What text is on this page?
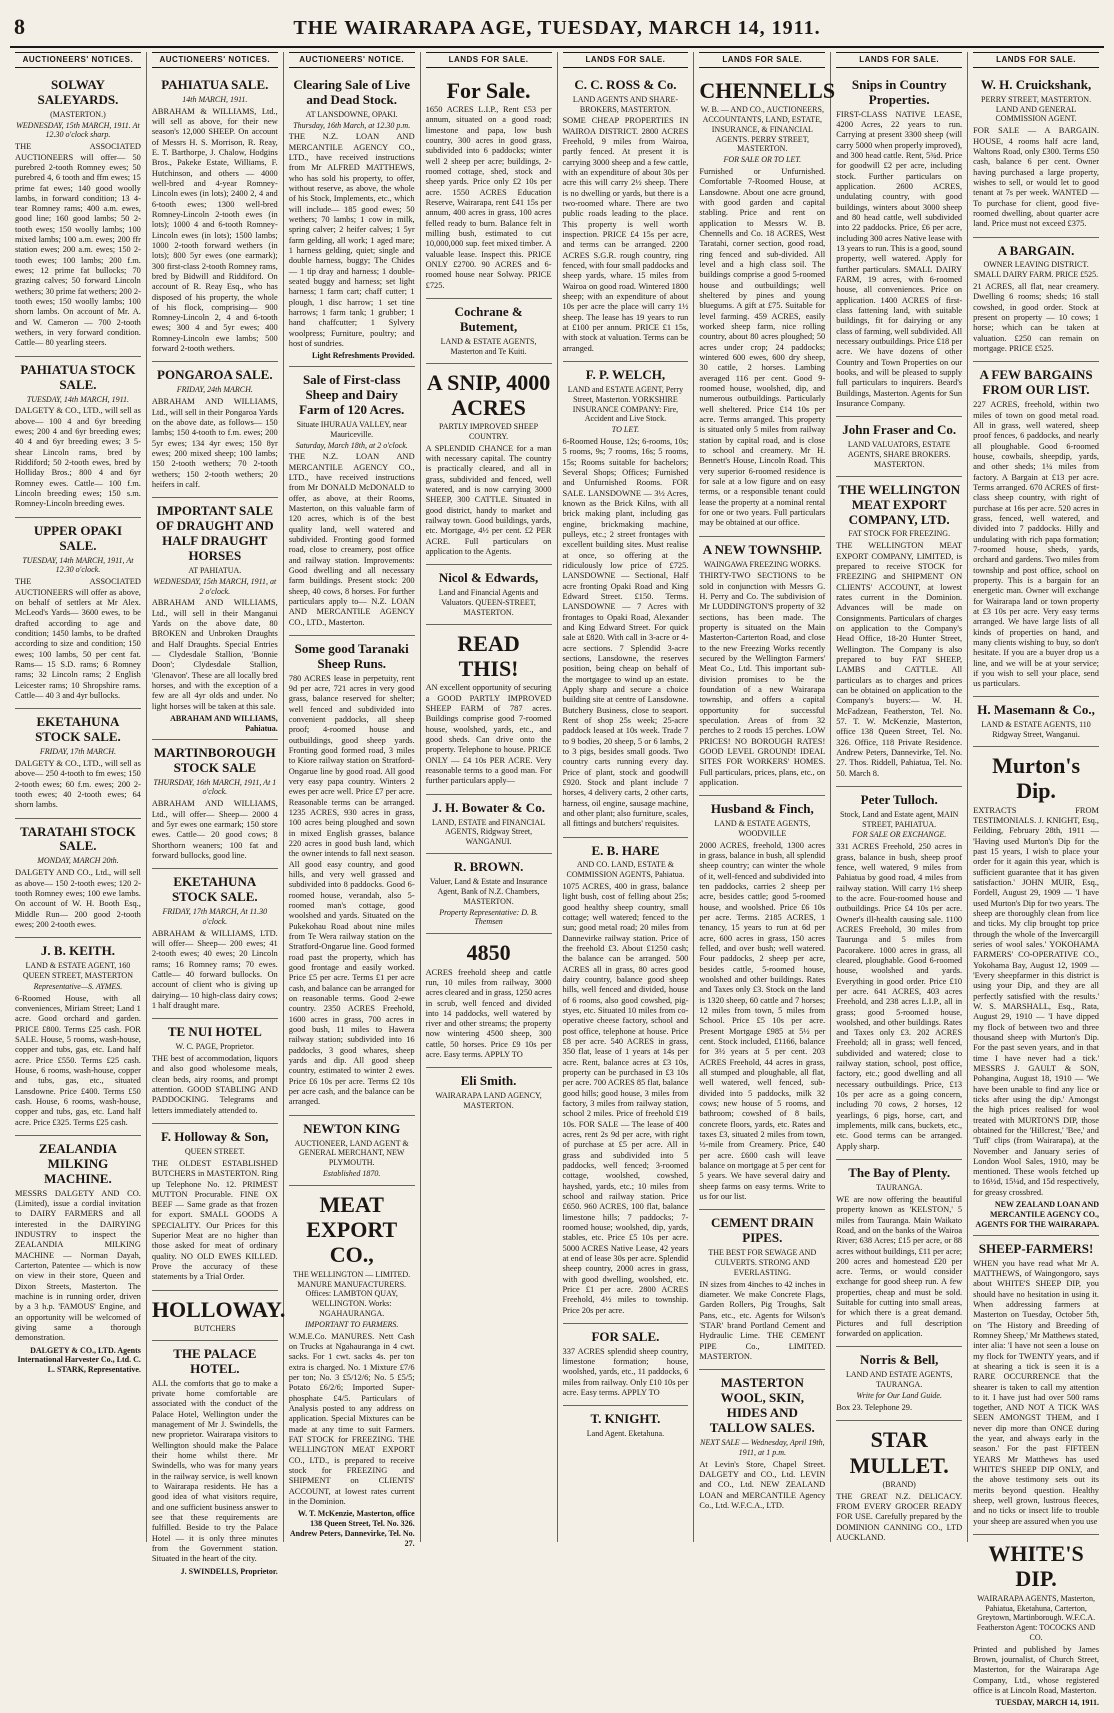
8	THE WAIRARAPA AGE, TUESDAY, MARCH 14, 1911.
AUCTIONEERS' NOTICES.
SOLWAY SALEYARDS.
(MASTERTON.)
WEDNESDAY, 15th MARCH, 1911. At 12.30 o'clock sharp.

THE ASSOCIATED AUCTIONEERS will offer— 50 purebred 2-tooth Romney ewes; 50 purebred 4, 6 tooth and ffm ewes; 15 prime fat ewes; 140 good woolly lambs, in forward condition; 13 4-tear Romney rams; 400 a.m. ewes, good line; 160 good lambs; 50 2-tooth ewes; 150 woolly lambs; 100 mixed lambs; 100 a.m. ewes; 200 ffr station ewes; 200 a.m. ewes; 150 2-tooth ewes; 100 lambs; 200 f.m. ewes; 12 prime fat bullocks; 70 grazing calves; 50 forward Lincoln wethers; 30 prime fat wethers; 200 2-tooth ewes; 150 woolly lambs; 100 shorn lambs. On account of Mr. A. and W. Cameron — 700 2-tooth wethers, in very forward condition. Cattle— 80 yearling steers.

PAHIATUA STOCK SALE.
TUESDAY, 14th MARCH, 1911.

DALGETY & CO., LTD., will sell as above— 100 4 and 6yr breeding ewes; 200 4 and 6yr breeding ewes; 40 4 and 6yr breeding ewes; 3 5-shear Lincoln rams, bred by Riddiford; 50 2-tooth ewes, bred by Holliday Bros.; 800 4 and 6yr Romney ewes. Cattle— 100 f.m. Lincoln breeding ewes; 150 s.m. Romney-Lincoln breeding ewes.

UPPER OPAKI SALE.
TUESDAY, 14th MARCH, 1911, At 12.30 o'clock.

THE ASSOCIATED AUCTIONEERS will offer as above, on behalf of settlers at Mr Alex. McLeod's Yards— 3600 ewes, to be drafted according to age and condition; 1450 lambs, to be drafted according to size and condition; 150 ewes; 100 lambs, 50 per cent fat. Rams— 15 S.D. rams; 6 Romney rams; 32 Lincoln rams; 2 English Leicester rams; 10 Shropshire rams. Cattle— 40 3 and 4yr bullocks.

EKETAHUNA STOCK SALE.
FRIDAY, 17th MARCH.

DALGETY & CO., LTD., will sell as above— 250 4-tooth to fm ewes; 150 2-tooth ewes; 60 f.m. ewes; 200 2-tooth ewes; 40 2-tooth ewes; 64 shorn lambs.

TARATAHI STOCK SALE.
MONDAY, MARCH 20th.

DALGETY AND CO., Ltd., will sell as above— 150 2-tooth ewes; 120 2-tooth Romney ewes; 100 ewe lambs. On account of W. H. Booth Esq., Middle Run— 200 good 2-tooth ewes; 200 2-tooth ewes.

J. B. KEITH.
LAND & ESTATE AGENT, 160 QUEEN STREET, MASTERTON
Representative—S. AYMES.

6-Roomed House, with all conveniences, Miriam Street; Land 1 acre. Good orchard and garden. PRICE £800. Terms £25 cash. FOR SALE. House, 5 rooms, wash-house, copper and tubs, gas, etc. Land half acre. Price £550. Terms £25 cash. House, 6 rooms, wash-house, copper and tubs, gas, etc., situated Lansdowne. Price £400. Terms £50 cash. House, 6 rooms, wash-house, copper and tubs, gas, etc. Land half acre. Price £325. Terms £25 cash.

ZEALANDIA MILKING MACHINE.

MESSRS DALGETY AND CO. (Limited), issue a cordial invitation to DAIRY FARMERS and all interested in the DAIRYING INDUSTRY to inspect the ZEALANDIA MILKING MACHINE — Norman Dayah, Carterton, Patentee — which is now on view in their store, Queen and Dixon Streets, Masterton. The machine is in running order, driven by a 3 h.p. 'FAMOUS' Engine, and an opportunity will be welcomed of giving same a thorough demonstration.

DALGETY & CO., LTD. Agents International Harvester Co., Ltd. C. L. STARK, Representative.
AUCTIONEERS' NOTICES.
PAHIATUA SALE.
14th MARCH, 1911.

ABRAHAM & WILLIAMS, Ltd., will sell as above, for their new season's 12,000 SHEEP. On account of Messrs H. S. Morrison, R. Reay, E. T. Barthorpe, J. Chalow, Hodgins Bros., Pakeke Estate, Williams, F. Hutchinson, and others — 4000 well-bred and 4-year Romney-Lincoln ewes (in lots); 2400 2, 4 and 6-tooth ewes; 1300 well-bred Romney-Lincoln 2-tooth ewes (in lots); 1000 4 and 6-tooth Romney-Lincoln ewes (in lots); 1500 lambs; 1000 2-tooth forward wethers (in lots); 800 5yr ewes (one earmark); 300 first-class 2-tooth Romney rams, bred by Bidwill and Riddiford. On account of R. Reay Esq., who has disposed of his property, the whole of his flock, comprising— 900 Romney-Lincoln 2, 4 and 6-tooth ewes; 300 4 and 5yr ewes; 400 Romney-Lincoln ewe lambs; 500 forward 2-tooth wethers.

PONGAROA SALE.
FRIDAY, 24th MARCH.

ABRAHAM AND WILLIAMS, Ltd., will sell in their Pongaroa Yards on the above date, as follows— 150 lambs; 150 4-tooth to f.m. ewes; 200 5yr ewes; 134 4yr ewes; 150 8yr ewes; 200 mixed sheep; 100 lambs; 150 2-tooth wethers; 70 2-tooth wethers; 150 2-tooth wethers; 20 heifers in calf.

IMPORTANT SALE OF DRAUGHT AND HALF DRAUGHT HORSES
AT PAHIATUA.
WEDNESDAY, 15th MARCH, 1911, at 2 o'clock.

ABRAHAM AND WILLIAMS, Ltd., will sell in their Manganui Yards on the above date, 80 BROKEN and Unbroken Draughts and Half Draughts. Special Entries — Clydesdale Stallion, 'Bonnie Doon'; Clydesdale Stallion, 'Glenavon'. These are all locally bred horses, and with the exception of a few are all 4yr olds and under. No light horses will be taken at this sale.

ABRAHAM AND WILLIAMS, Pahiatua.
MARTINBOROUGH STOCK SALE
THURSDAY, 16th MARCH, 1911, At 1 o'clock.

ABRAHAM AND WILLIAMS, Ltd., will offer— Sheep— 2000 4 and 5yr ewes one earmark; 150 store ewes. Cattle— 20 good cows; 8 Shorthorn weaners; 100 fat and forward bullocks, good line.

EKETAHUNA STOCK SALE.
FRIDAY, 17th MARCH, At 11.30 o'clock.

ABRAHAM & WILLIAMS, LTD. will offer— Sheep— 200 ewes; 41 2-tooth ewes; 40 ewes; 20 Lincoln rams; 16 Romney rams; 70 ewes. Cattle— 40 forward bullocks. On account of client who is giving up dairying— 10 high-class dairy cows; 1 half draught mare.

TE NUI HOTEL
W. C. PAGE, Proprietor.

THE best of accommodation, liquors and also good wholesome meals, clean beds, airy rooms, and prompt attention. GOOD STABLING AND PADDOCKING. Telegrams and letters immediately attended to.

F. Holloway & Son,
QUEEN STREET.

THE OLDEST ESTABLISHED BUTCHERS in MASTERTON. Ring up Telephone No. 12. PRIMEST MUTTON Procurable. FINE OX BEEF — Same grade as that frozen for export. SMALL GOODS A SPECIALITY. Our Prices for this Superior Meat are no higher than those asked for meat of ordinary quality. NO OLD EWES KILLED. Prove the accuracy of these statements by a Trial Order.

HOLLOWAY.
BUTCHERS
THE PALACE HOTEL.

ALL the comforts that go to make a private home comfortable are associated with the conduct of the Palace Hotel, Wellington under the management of Mr J. Swindells, the new proprietor. Wairarapa visitors to Wellington should make the Palace their home whilst there. Mr Swindells, who was for many years in the railway service, is well known to Wairarapa residents. He has a good idea of what visitors require, and one sufficient business answer to see that these requirements are fulfilled. Beside to try the Palace Hotel — it is only three minutes from the Government station. Situated in the heart of the city.

J. SWINDELLS, Proprietor.
AUCTIONEERS' NOTICE.
Clearing Sale of Live and Dead Stock.
AT LANSDOWNE, OPAKI.
Thursday, 16th March, at 12.30 p.m.

THE N.Z. LOAN AND MERCANTILE AGENCY CO., LTD., have received instructions from Mr ALFRED MATTHEWS, who has sold his property, to offer, without reserve, as above, the whole of his Stock, Implements, etc., which will include— 185 good ewes; 50 wethers; 70 lambs; 1 cow in milk, spring calver; 2 heifer calves; 1 5yr farm gelding, all work; 1 aged mare; 1 harness gelding, quiet; single and double harness, buggy; The Chides — 1 tip dray and harness; 1 double-seated buggy and harness; set light harness; 1 farm cart; chaff cutter; 1 plough, 1 disc harrow; 1 set tine harrows; 1 farm tank; 1 grubber; 1 hand chaffcutter; 1 Sylvery woolpress; Furniture, poultry; and host of sundries.

Light Refreshments Provided.
Sale of First-class Sheep and Dairy Farm of 120 Acres.
Situate IHURAUA VALLEY, near Mauriceville.
Saturday, March 18th, at 2 o'clock.

THE N.Z. LOAN AND MERCANTILE AGENCY CO., LTD., have received instructions from Mr DONALD McDONALD to offer, as above, at their Rooms, Masterton, on this valuable farm of 120 acres, which is of the best quality land, well watered and subdivided. Fronting good formed road, close to creamery, post office and railway station. Improvements: Good dwelling and all necessary farm buildings. Present stock: 200 sheep, 40 cows, 8 horses. For further particulars apply to— N.Z. LOAN AND MERCANTILE AGENCY CO., LTD., Masterton.

Some good Taranaki Sheep Runs.

780 ACRES lease in perpetuity, rent 9d per acre, 721 acres in very good grass, balance reserved for shelter; well fenced and subdivided into convenient paddocks, all sheep proof; 4-roomed house and outbuildings, good sheep yards. Fronting good formed road, 3 miles to Kiore railway station on Stratford-Ongarue line by good road. All good very easy papa country. Winters 2 ewes per acre well. Price £7 per acre. Reasonable terms can be arranged. 1235 ACRES, 930 acres in grass, 100 acres being ploughed and sown in mixed English grasses, balance 220 acres in good bush land, which the owner intends to fall next season. All good easy country, and good hills, and very well grassed and subdivided into 8 paddocks. Good 6-roomed house, verandah, also 5-roomed man's cottage, good woolshed and yards. Situated on the Pukekohau Road about nine miles from Te Wera railway station on the Stratford-Ongarue line. Good formed road past the property, which has good frontage and easily worked. Price £5 per acre. Terms £1 per acre cash, and balance can be arranged for on reasonable terms. Good 2-ewe country. 2350 ACRES Freehold, 1600 acres in grass, 700 acres in good bush, 11 miles to Hawera railway station; subdivided into 16 paddocks, 3 good whares, sheep yards and dip. All good sheep country, estimated to winter 2 ewes. Price £6 10s per acre. Terms £2 10s per acre cash, and the balance can be arranged.

NEWTON KING
AUCTIONEER, LAND AGENT & GENERAL MERCHANT, NEW PLYMOUTH.
Established 1870.
MEAT EXPORT CO.,
THE WELLINGTON — LIMITED. MANURE MANUFACTURERS. Offices: LAMBTON QUAY, WELLINGTON. Works: NGAHAURANGA.
IMPORTANT TO FARMERS.

W.M.E.Co. MANURES. Nett Cash on Trucks at Ngahauranga in 4 cwt. sacks. For 1 cwt. sacks 4s. per ton extra is charged. No. 1 Mixture £7/6 per ton; No. 3 £5/12/6; No. 5 £5/5; Potato £6/2/6; Imported Super-phosphate £4/5. Particulars of Analysis posted to any address on application. Special Mixtures can be made at any time to suit Farmers. FAT STOCK for FREEZING. THE WELLINGTON MEAT EXPORT CO., LTD., is prepared to receive stock for FREEZING and SHIPMENT on CLIENTS' ACCOUNT, at lowest rates current in the Dominion.

W. T. McKenzie, Masterton, office 138 Queen Street, Tel. No. 326. Andrew Peters, Dannevirke, Tel. No. 27.
LANDS FOR SALE.
For Sale.

1650 ACRES L.I.P., Rent £53 per annum, situated on a good road; limestone and papa, low bush country, 300 acres in good grass, subdivided into 6 paddocks; winter well 2 sheep per acre; buildings, 2-roomed cottage, shed, stock and sheep yards. Price only £2 10s per acre. 1550 ACRES Education Reserve, Wairarapa, rent £41 15s per annum, 400 acres in grass, 100 acres felled ready to burn. Balance felt in milling bush, estimated to cut 10,000,000 sup. feet mixed timber. A valuable lease. Inspect this. PRICE ONLY £2700. 90 ACRES and 6-roomed house near Solway. PRICE £725.

Cochrane & Butement,
LAND & ESTATE AGENTS, Masterton and Te Kuiti.
A SNIP, 4000 ACRES
PARTLY IMPROVED SHEEP COUNTRY.

A SPLENDID CHANCE for a man with necessary capital. The country is practically cleared, and all in grass, subdivided and fenced, well watered, and is now carrying 3000 SHEEP, 300 CATTLE. Situated in good district, handy to market and railway town. Good buildings, yards, etc. Mortgage, 4½ per cent. £2 PER ACRE. Full particulars on application to the Agents.

Nicol & Edwards,
Land and Financial Agents and Valuators. QUEEN-STREET, MASTERTON.
READ THIS!

AN excellent opportunity of securing a GOOD PARTLY IMPROVED SHEEP FARM of 787 acres. Buildings comprise good 7-roomed house, woolshed, yards, etc., and good sheds. Can drive onto the property. Telephone to house. PRICE ONLY — £4 10s PER ACRE. Very reasonable terms to a good man. For further particulars apply—

J. H. Bowater & Co.
LAND, ESTATE and FINANCIAL AGENTS, Ridgway Street, WANGANUI.
R. BROWN.
Valuer, Land & Estate and Insurance Agent, Bank of N.Z. Chambers, MASTERTON.
Property Representative: D. B. Themsen
4850

ACRES freehold sheep and cattle run, 10 miles from railway, 3000 acres cleared and in grass, 1250 acres in scrub, well fenced and divided into 14 paddocks, well watered by river and other streams; the property now wintering 4500 sheep, 300 cattle, 50 horses. Price £9 10s per acre. Easy terms. APPLY TO

Eli Smith.
WAIRARAPA LAND AGENCY, MASTERTON.
LANDS FOR SALE.
C. C. ROSS & Co.
LAND AGENTS AND SHARE-BROKERS, MASTERTON.

SOME CHEAP PROPERTIES IN WAIROA DISTRICT. 2800 ACRES Freehold, 9 miles from Wairoa, partly fenced. At present it is carrying 3000 sheep and a few cattle, with an expenditure of about 30s per acre this will carry 2½ sheep. There is no dwelling or yards, but there is a two-roomed whare. There are two public roads leading to the place. This property is well worth inspection. PRICE £4 15s per acre, and terms can be arranged. 2200 ACRES S.G.R. rough country, ring fenced, with four small paddocks and sheep yards, whare. 15 miles from Wairoa on good road. Wintered 1800 sheep; with an expenditure of about 10s per acre the place will carry 1½ sheep. The lease has 19 years to run at £100 per annum. PRICE £1 15s, with stock at valuation. Terms can be arranged.

F. P. WELCH,
LAND and ESTATE AGENT, Perry Street, Masterton. YORKSHIRE INSURANCE COMPANY: Fire, Accident and Live Stock.
TO LET.

6-Roomed House, 12s; 6-rooms, 10s; 5 rooms, 9s; 7 rooms, 16s; 5 rooms, 15s; Rooms suitable for bachelors; Several Shops; Offices; Furnished and Unfurnished Rooms. FOR SALE. LANSDOWNE — 3½ Acres, known as the Brick Kilns, with all brick making plant, including gas engine, brickmaking machine, pulleys, etc.; 2 street frontages with excellent building sites. Must realise at once, so offering at the ridiculously low price of £725. LANSDOWNE — Sectional, Half acre fronting Opaki Road and King Edward Street. £150. Terms. LANSDOWNE — 7 Acres with frontages to Opaki Road, Alexander and King Edward Street. For quick sale at £820. With call in 3-acre or 4-acre sections. 7 Splendid 3-acre sections, Lansdowne, the reserves position, being cheap on behalf of the mortgagee to wind up an estate. Apply sharp and secure a choice building site at centre of Lansdowne. Butchery Business, close to seaport. Rent of shop 25s week; 25-acre paddock leased at 10s week. Trade 7 to 9 bodies, 20 sheep, 5 or 6 lambs, 2 to 3 pigs, besides small goods. Two country carts running every day. Price of plant, stock and goodwill £920. Stock and plant include 7 horses, 4 delivery carts, 2 other carts, harness, oil engine, sausage machine, and other plant; also furniture, scales, all fittings and butchers' requisites.

E. B. HARE
AND CO. LAND, ESTATE & COMMISSION AGENTS, Pahiatua.

1075 ACRES, 400 in grass, balance light bush, cost of felling about 25s; good healthy sheep country, small cottage; well watered; fenced to the sun; good metal road; 20 miles from Dannevirke railway station. Price of the freehold £3. About £1250 cash; the balance can be arranged. 500 ACRES all in grass, 80 acres good dairy country, balance good sheep hills, well fenced and divided, house of 6 rooms, also good cowshed, pig-styes, etc. Situated 10 miles from co-operative cheese factory, school and post office, telephone at house. Price £8 per acre. 540 ACRES in grass, 350 flat, lease of 1 years at 14s per acre. Rent, balance acres at £3 10s, property can be purchased in £3 10s per acre. 700 ACRES 85 flat, balance good hills; good house, 3 miles from factory, 3 miles from railway station, school 2 miles. Price of freehold £19 10s. FOR SALE — The lease of 400 acres, rent 2s 9d per acre, with right of purchase at £5 per acre. All in grass and subdivided into 5 paddocks, well fenced; 3-roomed cottage, woolshed, cowshed, hayshed, yards, etc.; 10 miles from school and railway station. Price £650. 960 ACRES, 100 flat, balance limestone hills; 7 paddocks; 7-roomed house; woolshed, dip, yards, stables, etc. Price £5 10s per acre. 5000 ACRES Native Lease, 42 years at end of lease 30s per acre. Splendid sheep country, 2000 acres in grass, with good dwelling, woolshed, etc. Price £1 per acre. 2800 ACRES Freehold, 4½ miles to township. Price 20s per acre.

FOR SALE.

337 ACRES splendid sheep country, limestone formation; house, woolshed, yards, etc., 11 paddocks, 6 miles from railway. Only £10 10s per acre. Easy terms. APPLY TO

T. KNIGHT.
Land Agent. Eketahuna.
LANDS FOR SALE.
CHENNELLS
W. B. — AND CO., AUCTIONEERS, ACCOUNTANTS, LAND, ESTATE, INSURANCE, & FINANCIAL AGENTS. PERRY STREET, MASTERTON.
FOR SALE OR TO LET.

Furnished or Unfurnished. Comfortable 7-Roomed House, at Lansdowne. About one acre ground, with good garden and capital stabling. Price and rent on application to Messrs W. B. Chennells and Co. 18 ACRES, West Taratahi, corner section, good road, ring fenced and sub-divided. All level and a high class soil. The buildings comprise a good 5-roomed house and outbuildings; well sheltered by pines and young bluegums. A gift at £75. Suitable for level farming. 459 ACRES, easily worked sheep farm, nice rolling country, about 80 acres ploughed; 50 acres under crop; 24 paddocks; wintered 600 ewes, 600 dry sheep, 30 cattle, 2 horses. Lambing averaged 116 per cent. Good 9-roomed house, woolshed, dip, and numerous outbuildings. Particularly well sheltered. Price £14 10s per acre. Terms arranged. This property is situated only 5 miles from railway station by capital road, and is close to school and creamery. Mr H. Bennett's House, Lincoln Road. This very superior 6-roomed residence is for sale at a low figure and on easy terms, or a responsible tenant could lease the property at a nominal rental for one or two years. Full particulars may be obtained at our office.

A NEW TOWNSHIP.
WAINGAWA FREEZING WORKS.

THIRTY-TWO SECTIONS to be sold in conjunction with Messrs G. H. Perry and Co. The subdivision of Mr LUDDINGTON'S property of 32 sections, has been made. The property is situated on the Main Masterton-Carterton Road, and close to the new Freezing Works recently secured by the Wellington Farmers' Meat Co., Ltd. This important sub-division promises to be the foundation of a new Wairarapa township, and offers a capital opportunity for successful speculation. Areas of from 32 perches to 2 roods 15 perches. LOW PRICES! NO BOROUGH RATES! GOOD LEVEL GROUND! IDEAL SITES FOR WORKERS' HOMES. Full particulars, prices, plans, etc., on application.

Husband & Finch,
LAND & ESTATE AGENTS, WOODVILLE

2000 ACRES, freehold, 1300 acres in grass, balance in bush, all splendid sheep country; can winter the whole of it, well-fenced and subdivided into ten paddocks, carries 2 sheep per acre, besides cattle; good 5-roomed house, and woolshed. Price £6 10s per acre. Terms. 2185 ACRES, 1 tenancy, 15 years to run at 6d per acre, 600 acres in grass, 150 acres felled, and over bush; well watered. Four paddocks, 2 sheep per acre, besides cattle, 5-roomed house, woolshed and other buildings. Rates and Taxes only £3. Stock on the land is 1320 sheep, 60 cattle and 7 horses; 12 miles from town, 5 miles from School. Price £5 10s per acre. Present Mortgage £985 at 5½ per cent. Stock included, £1166, balance for 3½ years at 5 per cent. 203 ACRES Freehold, 44 acres in grass, all stumped and ploughable, all flat, well watered, well fenced, sub-divided into 5 paddocks, milk 32 cows; new house of 5 rooms, and bathroom; cowshed of 8 bails, concrete floors, yards, etc. Rates and taxes £3, situated 2 miles from town, ½-mile from Creamery. Price, £40 per acre. £600 cash will leave balance on mortgage at 5 per cent for 5 years. We have several dairy and sheep farms on easy terms. Write to us for our list.

CEMENT DRAIN PIPES.
THE BEST FOR SEWAGE AND CULVERTS. STRONG AND EVERLASTING.

IN sizes from 4inches to 42 inches in diameter. We make Concrete Flags, Garden Rollers, Pig Troughs, Salt Pans, etc., etc. Agents for Wilson's 'STAR' brand Portland Cement and Hydraulic Lime. THE CEMENT PIPE Co., LIMITED. MASTERTON.

MASTERTON WOOL, SKIN, HIDES AND TALLOW SALES.
NEXT SALE — Wednesday, April 19th, 1911, at 1 p.m.

At Levin's Store, Chapel Street. DALGETY and CO., Ltd. LEVIN and CO., Ltd. NEW ZEALAND LOAN and MERCANTILE Agency Co., Ltd. W.F.C.A., LTD.

LANDS FOR SALE.
Snips in Country Properties.

FIRST-CLASS NATIVE LEASE, 4200 Acres, 22 years to run. Carrying at present 3300 sheep (will carry 5000 when properly improved), and 300 head cattle. Rent, 5¾d. Price for goodwill £2 per acre, including stock. Further particulars on application. 2600 ACRES, undulating country, with good buildings, winters about 3000 sheep and 80 head cattle, well subdivided into 22 paddocks. Price, £6 per acre, including 300 acres Native lease with 13 years to run. This is a good, sound property, well watered. Apply for further particulars. SMALL DAIRY FARM, 19 acres, with 6-roomed house, all conveniences. Price on application. 1400 ACRES of first-class fattening land, with suitable buildings, fit for dairying or any class of farming, well subdivided. All necessary outbuildings. Price £18 per acre. We have dozens of other Country and Town Properties on our books, and will be pleased to supply full particulars to inquirers. Beard's Buildings, Masterton. Agents for Sun Insurance Company.

John Fraser and Co.
LAND VALUATORS, ESTATE AGENTS, SHARE BROKERS. MASTERTON.
THE WELLINGTON MEAT EXPORT COMPANY, LTD.
FAT STOCK FOR FREEZING.

THE WELLINGTON MEAT EXPORT COMPANY, LIMITED, is prepared to receive STOCK for FREEZING and SHIPMENT ON CLIENTS' ACCOUNT, at lowest rates current in the Dominion. Advances will be made on Consignments. Particulars of charges on application to the Company's Head Office, 18-20 Hunter Street, Wellington. The Company is also prepared to buy FAT SHEEP, LAMBS and CATTLE. All particulars as to charges and prices can be obtained on application to the Company's buyers:— W. H. McFadzean, Featherston, Tel. No. 57. T. W. McKenzie, Masterton, office 138 Queen Street, Tel. No. 326. Office, 118 Private Residence. Andrew Peters, Dannevirke, Tel. No. 27. Thos. Riddell, Pahiatua, Tel. No. 50. March 8.

Peter Tulloch.
Stock, Land and Estate agent, MAIN STREET, PAHIATUA.
FOR SALE OR EXCHANGE.

331 ACRES Freehold, 250 acres in grass, balance in bush, sheep proof fence, well watered, 9 miles from Pahiatua by good road, 4 miles from railway station. Will carry 1½ sheep to the acre. Four-roomed house and outbuildings. Price £4 10s per acre. Owner's ill-health causing sale. 1100 ACRES Freehold, 30 miles from Taurunga and 5 miles from Pacorakere. 1000 acres in grass, all cleared, ploughable. Good 6-roomed house, woolshed and yards. Everything in good order. Price £10 per acre. 641 ACRES, 403 acres Freehold, and 238 acres L.I.P., all in grass; good 5-roomed house, woolshed, and other buildings. Rates and Taxes only £3. 202 ACRES Freehold; all in grass; well fenced, subdivided and watered; close to railway station, school, post office, factory, etc.; good dwelling and all necessary outbuildings. Price, £13 10s per acre as a going concern, including 70 cows, 2 horses, 12 yearlings, 6 pigs, horse, cart, and implements, milk cans, buckets, etc., etc. Good terms can be arranged. Apply sharp.

The Bay of Plenty.
TAURANGA.

WE are now offering the beautiful property known as 'KELSTON,' 5 miles from Tauranga. Main Waikato Road, and on the banks of the Wairoa River; 638 Acres; £15 per acre, or 88 acres without buildings, £11 per acre; 200 acres and homestead £20 per acre. Terms, or would consider exchange for good sheep run. A few properties, cheap and must be sold. Suitable for cutting into small areas, for which there is a great demand. Pictures and full description forwarded on application.

Norris & Bell,
LAND AND ESTATE AGENTS, TAURANGA.
Write for Our Land Guide.

Box 23. Telephone 29.

STAR MULLET.
(BRAND)

THE GREAT N.Z. DELICACY. FROM EVERY GROCER READY FOR USE. Carefully prepared by the DOMINION CANNING CO., LTD AUCKLAND.

LANDS FOR SALE.
W. H. Cruickshank,
PERRY STREET, MASTERTON. LAND AND GENERAL COMMISSION AGENT.

FOR SALE — A BARGAIN. HOUSE, 4 rooms half acre land, Waltons Road, only £300. Terms £50 cash, balance 6 per cent. Owner having purchased a large property, wishes to sell, or would let to good tenant at 7s per week. WANTED — To purchase for client, good five-roomed dwelling, about quarter acre land. Price must not exceed £375.

A BARGAIN.
OWNER LEAVING DISTRICT. SMALL DAIRY FARM. PRICE £525.

21 ACRES, all flat, near creamery. Dwelling 6 rooms; sheds; 16 stall cowshed, in good order. Stock at present on property — 10 cows; 1 horse; which can be taken at valuation. £250 can remain on mortgage. PRICE £525.

A FEW BARGAINS FROM OUR LIST.

227 ACRES, freehold, within two miles of town on good metal road. All in grass, well watered, sheep proof fences, 6 paddocks, and nearly all ploughable. Good 6-roomed house, cowbails, sheepdip, yards, and other sheds; 1¼ miles from factory. A Bargain at £13 per acre. Terms arranged. 670 ACRES of first-class sheep country, with right of purchase at 16s per acre. 520 acres in grass, fenced, well watered, and divided into 7 paddocks. Hilly and undulating with rich papa formation; 7-roomed house, sheds, yards, orchard and gardens. Two miles from township and post office, school on property. This is a bargain for an energetic man. Owner will exchange for Wairarapa land or town property at £3 10s per acre. Very easy terms arranged. We have large lists of all kinds of properties on hand, and many clients wishing to buy, so don't hesitate. If you are a buyer drop us a line, and we will be at your service; if you wish to sell your place, send us particulars.

H. Masemann & Co.,
LAND & ESTATE AGENTS, 110 Ridgway Street, Wanganui.
Murton's Dip.

EXTRACTS FROM TESTIMONIALS. J. KNIGHT, Esq., Feilding, February 28th, 1911 — 'Having used Murton's Dip for the past 15 years, I wish to place your order for it again this year, which is sufficient guarantee that it has given satisfaction.' JOHN MUIR, Esq., Fordell, August 29, 1909 — 'I have used Murton's Dip for two years. The sheep are thoroughly clean from lice and ticks. My clip brought top price through the whole of the Invercargill series of wool sales.' YOKOHAMA FARMERS' CO-OPERATIVE CO., Yokohama Bay, August 12, 1909 — 'Every sheepfarmer in this district is using your Dip, and they are all perfectly satisfied with the results.' W. S. MARSHALL, Esq., Rata, August 29, 1910 — 'I have dipped my flock of between two and three thousand sheep with Murton's Dip. For the past seven years, and in that time I have never had a tick.' MESSRS J. GAULT & SON, Pohangina, August 18, 1910 — 'We have been unable to find any lice or ticks after using the dip.' Amongst the high prices realised for wool treated with MURTON'S DIP, those obtained for the 'Hillcrest,' 'Bee,' and 'Tuff' clips (from Wairarapa), at the November and January series of London Wool Sales, 1910, may be mentioned. These wools fetched up to 16½d, 15¼d, and 15d respectively, for greasy crossbred.

NEW ZEALAND LOAN AND MERCANTILE AGENCY CO., AGENTS FOR THE WAIRARAPA.
SHEEP-FARMERS!

WHEN you have read what Mr A. MATTHEWS, of Waingongoro, says about WHITE'S SHEEP DIP, you should have no hesitation in using it. When addressing farmers at Masterton on Tuesday, October 5th, on 'The History and Breeding of Romney Sheep,' Mr Matthews stated, inter alia: 'I have not seen a louse on my flock for TWENTY years, and if at shearing a tick is seen it is a RARE OCCURRENCE that the shearer is taken to call my attention to it. I have just had over 500 rams together, AND NOT A TICK WAS SEEN AMONGST THEM, and I never dip more than ONCE during the year, and always early in the season.' For the past FIFTEEN YEARS Mr Matthews has used WHITE'S SHEEP DIP ONLY, and the above testimony sets out its merits beyond question. Healthy sheep, well grown, lustrous fleeces, and no ticks or insect life to trouble your sheep are assured when you use

WHITE'S DIP.
WAIRARAPA AGENTS, Masterton, Pahiatua, Eketahuna, Carterton, Greytown, Martinborough. W.F.C.A. Featherston Agent: TOCOCKS AND CO.

Printed and published by James Brown, journalist, of Church Street, Masterton, for the Wairarapa Age Company, Ltd., whose registered office is at Lincoln Road, Masterton.

TUESDAY, MARCH 14, 1911.
